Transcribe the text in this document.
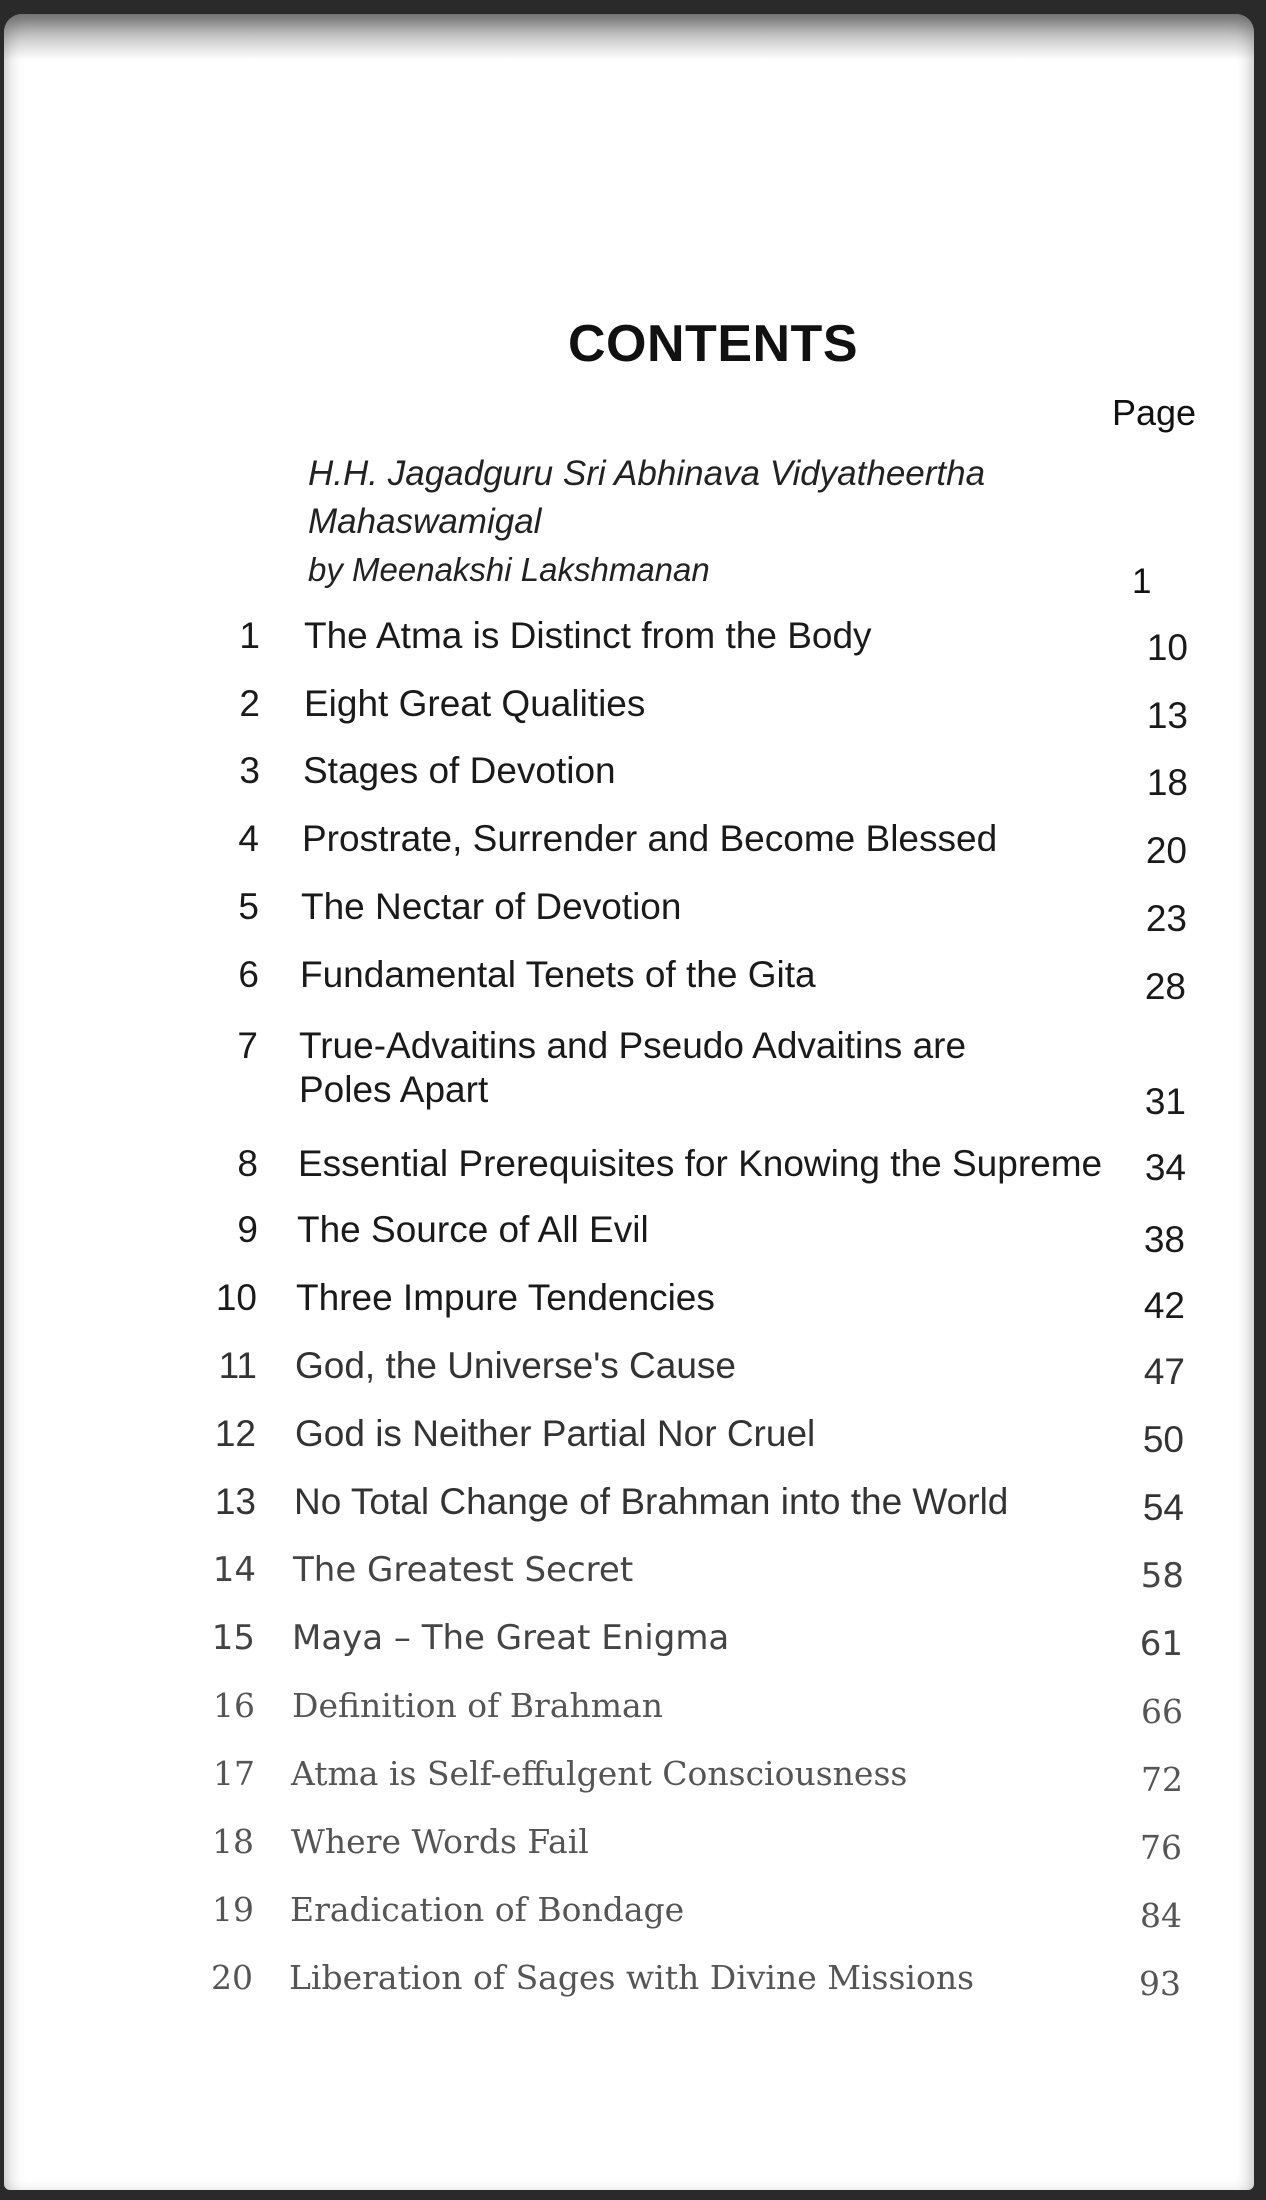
CONTENTS
Page
H.H. Jagadguru Sri Abhinava Vidyatheertha
Mahaswamigal
by Meenakshi Lakshmanan	1
1 The Atma is Distinct from the Body	10
2 Eight Great Qualities	13
3 Stages of Devotion	18
4 Prostrate, Surrender and Become Blessed	20
5 The Nectar of Devotion	23
6 Fundamental Tenets of the Gita	28
7 True-Advaitins and Pseudo Advaitins are
Poles Apart	31
8 Essential Prerequisites for Knowing the Supreme	34
9 The Source of All Evil	38
10 Three Impure Tendencies	42
11 God, the Universe's Cause	47
12 God is Neither Partial Nor Cruel	50
13 No Total Change of Brahman into the World	54
14 The Greatest Secret	58
15 Maya – The Great Enigma	61
16 Definition of Brahman	66
17 Atma is Self-effulgent Consciousness	72
18 Where Words Fail	76
19 Eradication of Bondage	84
20 Liberation of Sages with Divine Missions	93
